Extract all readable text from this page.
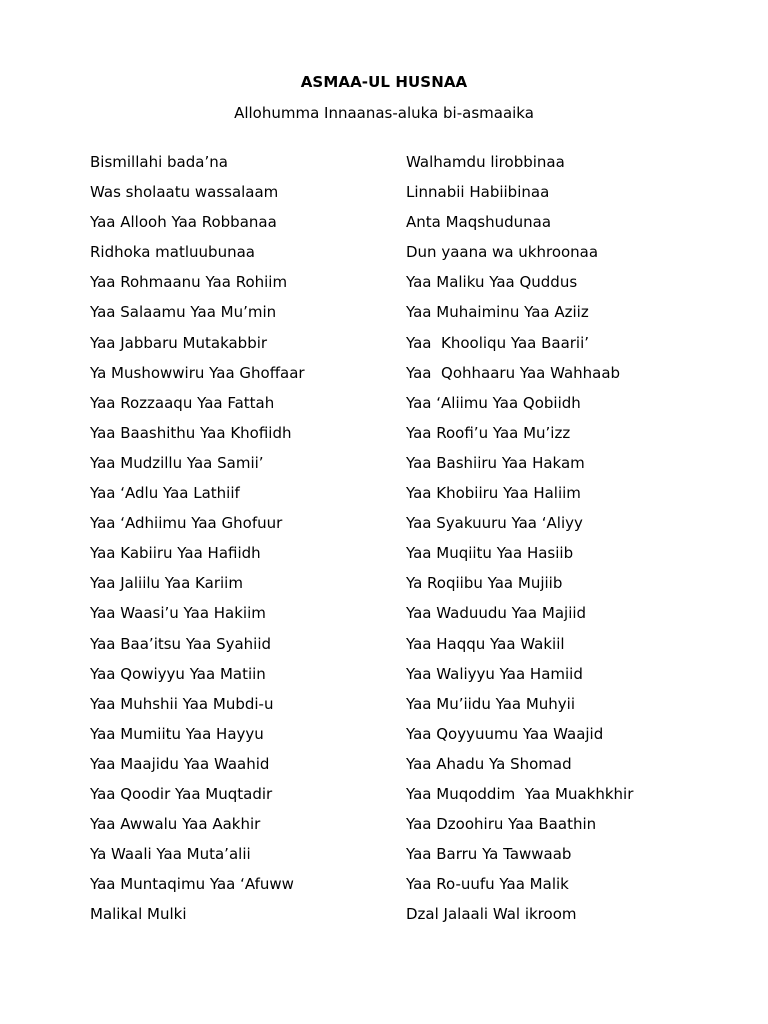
ASMAA-UL HUSNAA
Allohumma Innaanas-aluka bi-asmaaika
Bismillahi bada’na
Was sholaatu wassalaam
Yaa Allooh Yaa Robbanaa
Ridhoka matluubunaa
Yaa Rohmaanu Yaa Rohiim
Yaa Salaamu Yaa Mu’min
Yaa Jabbaru Mutakabbir
Ya Mushowwiru Yaa Ghoffaar
Yaa Rozzaaqu Yaa Fattah
Yaa Baashithu Yaa Khofiidh
Yaa Mudzillu Yaa Samii’
Yaa ‘Adlu Yaa Lathiif
Yaa ‘Adhiimu Yaa Ghofuur
Yaa Kabiiru Yaa Hafiidh
Yaa Jaliilu Yaa Kariim
Yaa Waasi’u Yaa Hakiim
Yaa Baa’itsu Yaa Syahiid
Yaa Qowiyyu Yaa Matiin
Yaa Muhshii Yaa Mubdi-u
Yaa Mumiitu Yaa Hayyu
Yaa Maajidu Yaa Waahid
Yaa Qoodir Yaa Muqtadir
Yaa Awwalu Yaa Aakhir
Ya Waali Yaa Muta’alii
Yaa Muntaqimu Yaa ‘Afuww
Malikal Mulki
Walhamdu lirobbinaa
Linnabii Habiibinaa
Anta Maqshudunaa
Dun yaana wa ukhroonaa
Yaa Maliku Yaa Quddus
Yaa Muhaiminu Yaa Aziiz
Yaa  Khooliqu Yaa Baarii’
Yaa  Qohhaaru Yaa Wahhaab
Yaa ‘Aliimu Yaa Qobiidh
Yaa Roofi’u Yaa Mu’izz
Yaa Bashiiru Yaa Hakam
Yaa Khobiiru Yaa Haliim
Yaa Syakuuru Yaa ‘Aliyy
Yaa Muqiitu Yaa Hasiib
Ya Roqiibu Yaa Mujiib
Yaa Waduudu Yaa Majiid
Yaa Haqqu Yaa Wakiil
Yaa Waliyyu Yaa Hamiid
Yaa Mu’iidu Yaa Muhyii
Yaa Qoyyuumu Yaa Waajid
Yaa Ahadu Ya Shomad
Yaa Muqoddim  Yaa Muakhkhir
Yaa Dzoohiru Yaa Baathin
Yaa Barru Ya Tawwaab
Yaa Ro-uufu Yaa Malik
Dzal Jalaali Wal ikroom
